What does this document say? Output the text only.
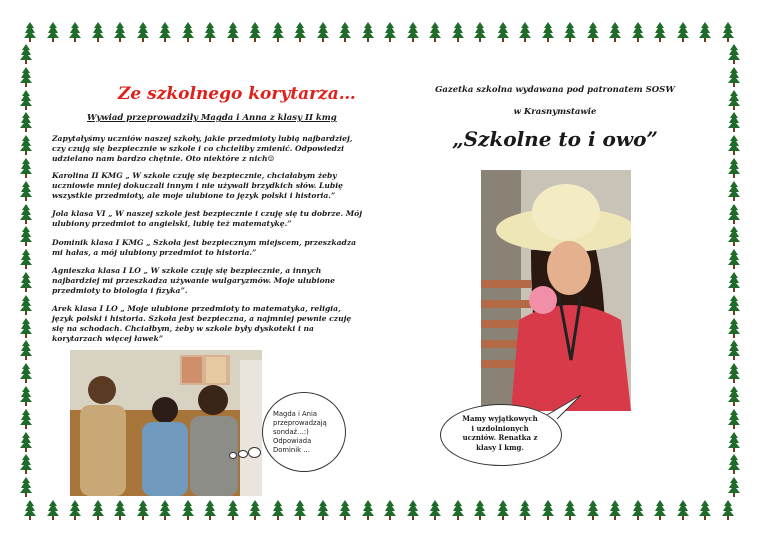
Ze szkolnego korytarza…
Wywiad przeprowadziły Magda i Anna z klasy II kmg
Zapytałyśmy uczniów naszej szkoły, jakie przedmioty lubią najbardziej, czy czują się bezpiecznie w szkole i co chcieliby zmienić. Odpowiedzi udzielano nam bardzo chętnie. Oto niektóre z nich☺
Karolina II KMG „ W szkole czuję się bezpiecznie, chciałabym żeby uczniowie mniej dokuczali innym i nie używali brzydkich słów. Lubię wszystkie przedmioty, ale moje ulubione to język polski i historia.”
Jola klasa VI „ W naszej szkole jest bezpiecznie i czuję się tu dobrze. Mój ulubiony przedmiot to angielski, lubię też matematykę.”
Dominik klasa I KMG „ Szkoła jest bezpiecznym miejscem, przeszkadza mi hałas, a mój ulubiony przedmiot to historia.”
Agnieszka klasa I LO „ W szkole czuję się bezpiecznie, a innych najbardziej mi przeszkadza używanie wulgaryzmów. Moje ulubione przedmioty to biologia i fizyka”.
Arek klasa I LO „ Moje ulubione przedmioty to matematyka, religia, język polski i historia. Szkoła jest bezpieczna, a najmniej pewnie czuję się na schodach. Chciałbym, żeby w szkole były dyskoteki i na korytarzach więcej ławek”
Magda i Ania
przeprowadzają
sondaż…:)
Odpowiada
Dominik …
Gazetka szkolna wydawana pod patronatem SOSW
w Krasnymstawie
„Szkolne to i owo”
Mamy wyjątkowych
i uzdolnionych
uczniów. Renatka z
klasy I kmg.
